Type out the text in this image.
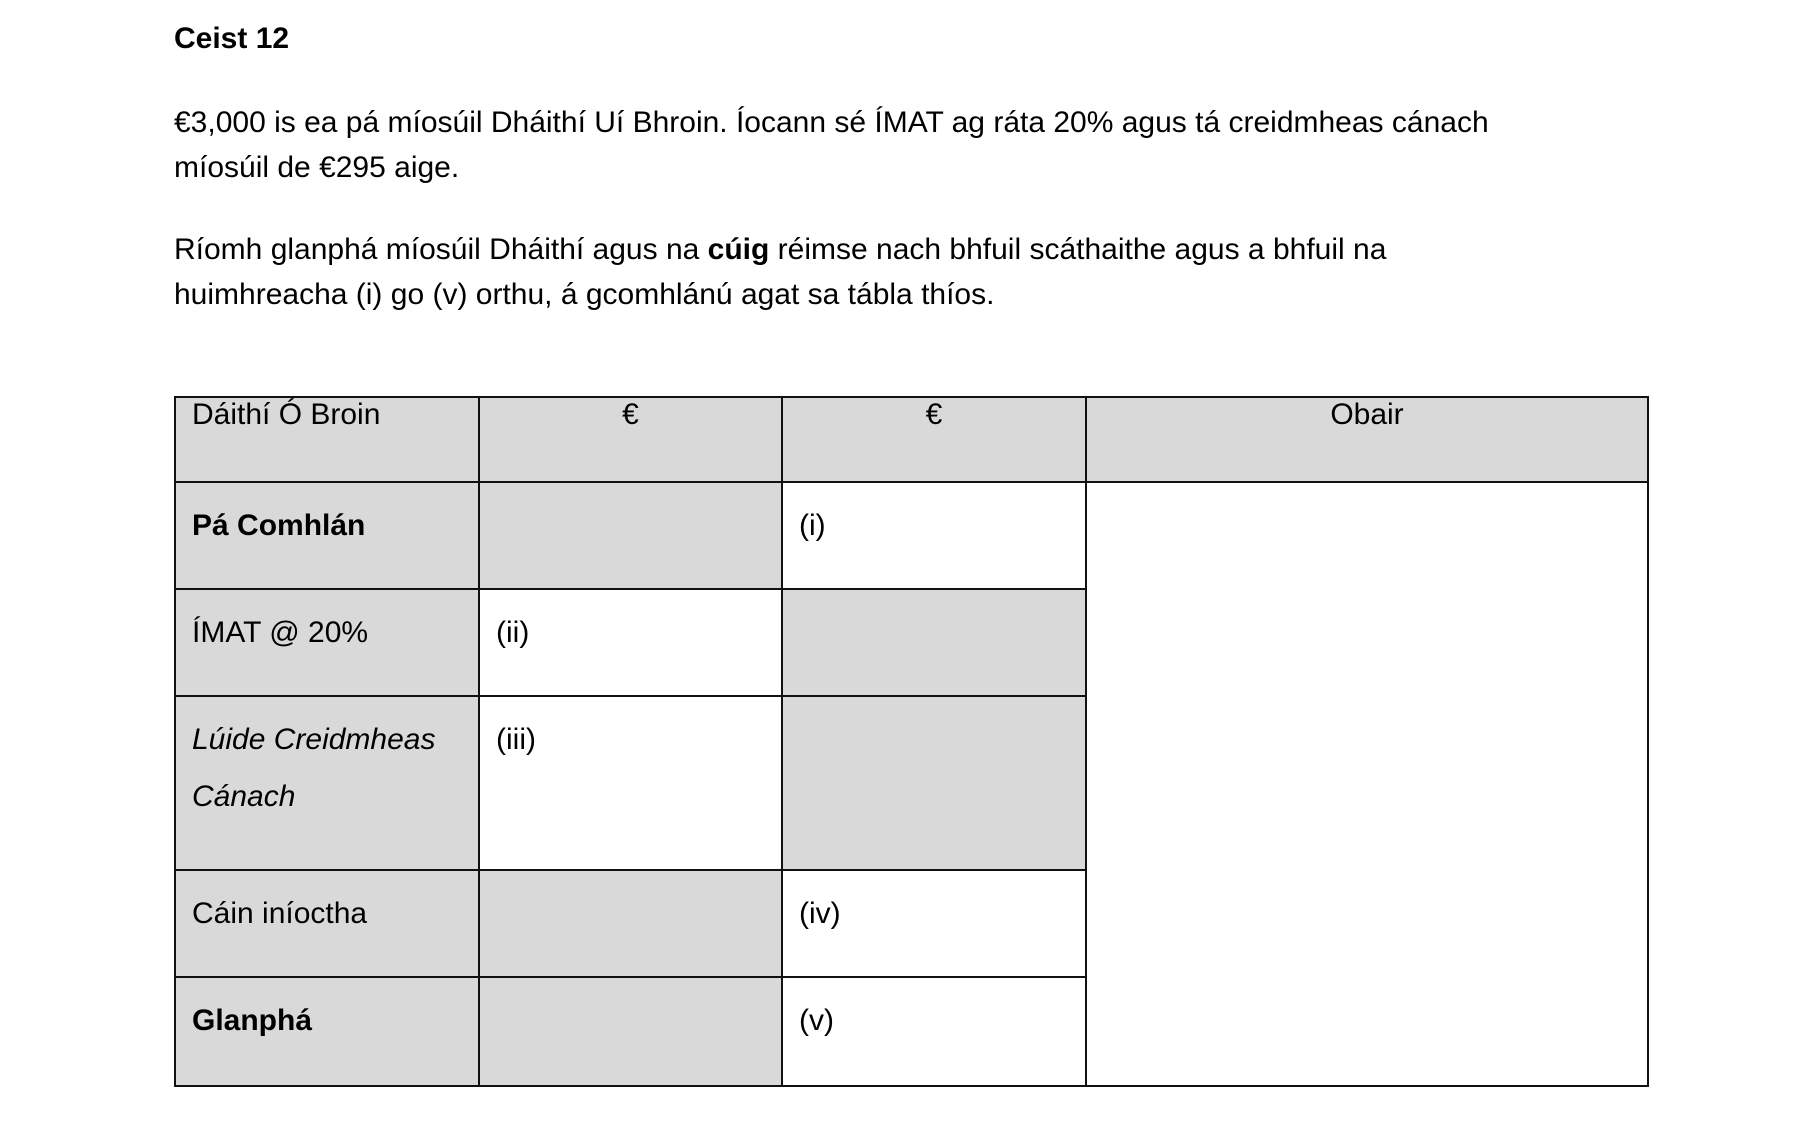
Ceist 12
€3,000 is ea pá míosúil Dháithí Uí Bhroin. Íocann sé ÍMAT ag ráta 20% agus tá creidmheas cánach
míosúil de €295 aige.
Ríomh glanphá míosúil Dháithí agus na cúig réimse nach bhfuil scáthaithe agus a bhfuil na
huimhreacha (i) go (v) orthu, á gcomhlánú agat sa tábla thíos.
Dáithí Ó Broin	€	€	Obair

Pá Comhlán		(i)	

ÍMAT @ 20%	(ii)		

Lúide Creidmheas
Cánach	(iii)		

Cáin iníoctha		(iv)	

Glanphá		(v)	
